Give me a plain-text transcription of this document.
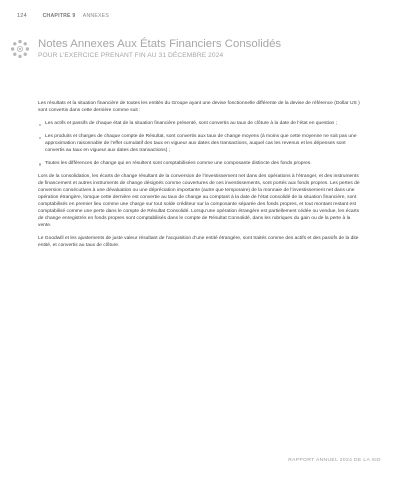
124	CHAPITRE 9 ANNEXES
Notes Annexes Aux États Financiers Consolidés
POUR L’EXERCICE PRENANT FIN AU 31 DÉCEMBRE 2024

Les résultats et la situation financière de toutes les entités du Groupe ayant une devise fonctionnelle différente de la devise de référence (Dollar US ) sont convertis dans cette dernière comme suit :

Les actifs et passifs de chaque état de la situation financière présenté, sont convertis au taux de clôture à la date de l’état en question ;
Les produits et charges de chaque compte de Résultat, sont convertis aux taux de change moyens (à moins que cette moyenne ne soit pas une approximation raisonnable de l’effet cumulatif des taux en vigueur aux dates des transactions, auquel cas les revenus et les dépenses sont convertis au taux en vigueur aux dates des transactions) ;
Toutes les différences de change qui en résultent sont comptabilisées comme une composante distincte des fonds propres.

Lors de la consolidation, les écarts de change résultant de la conversion de l’investissement net dans des opérations à l’étranger, et des instruments de financement et autres instruments de change désignés comme couvertures de ces investissements, sont portés aux fonds propres. Les pertes de conversion consécutives à une dévaluation ou une dépréciation importante (autre que temporaire) de la monnaie de l’investissement net dans une opération étrangère, lorsque cette dernière est convertie au taux de change au comptant à la date de l’état consolidé de la situation financière, sont comptabilisés en premier lieu comme une charge sur tout solde créditeur sur la composante séparée des fonds propres, et tout montant restant est comptabilisé comme une perte dans le compte de Résultat Consolidé. Lorsqu’une opération étrangère est partiellement cédée ou vendue, les écarts de change enregistrés en fonds propres sont comptabilisés dans le compte de Résultat Consolidé, dans les rubriques du gain ou de la perte à la vente.

Le Goodwill et les ajustements de juste valeur résultant de l’acquisition d’une entité étrangère, sont traités comme des actifs et des passifs de la dite entité, et convertis au taux de clôture.

RAPPORT ANNUEL 2024 DE LA SID
